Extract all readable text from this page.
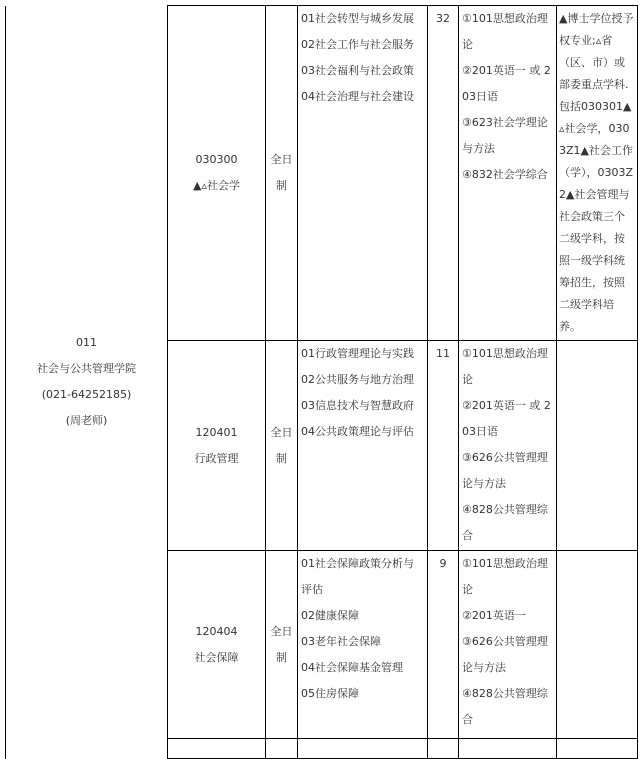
011
社会与公共管理学院
(021-64252185)
(周老师)	030300
▲▵社会学	全日制	01社会转型与城乡发展
02社会工作与社会服务
03社会福利与社会政策
04社会治理与社会建设	32	①101思想政治理论
②201英语一 或 203日语
③623社会学理论与方法
④832社会学综合	▲博士学位授予权专业;▵省（区、市）或部委重点学科. 包括030301▲▵社会学，0303Z1▲社会工作（学），0303Z2▲社会管理与社会政策三个二级学科，按照一级学科统筹招生，按照二级学科培养。

	120401
行政管理	全日制	01行政管理理论与实践
02公共服务与地方治理
03信息技术与智慧政府
04公共政策理论与评估	11	①101思想政治理论
②201英语一 或 203日语
③626公共管理理论与方法
④828公共管理综合	

	120404
社会保障	全日制	01社会保障政策分析与评估
02健康保障
03老年社会保障
04社会保障基金管理
05住房保障	9	①101思想政治理论
②201英语一
③626公共管理理论与方法
④828公共管理综合	
